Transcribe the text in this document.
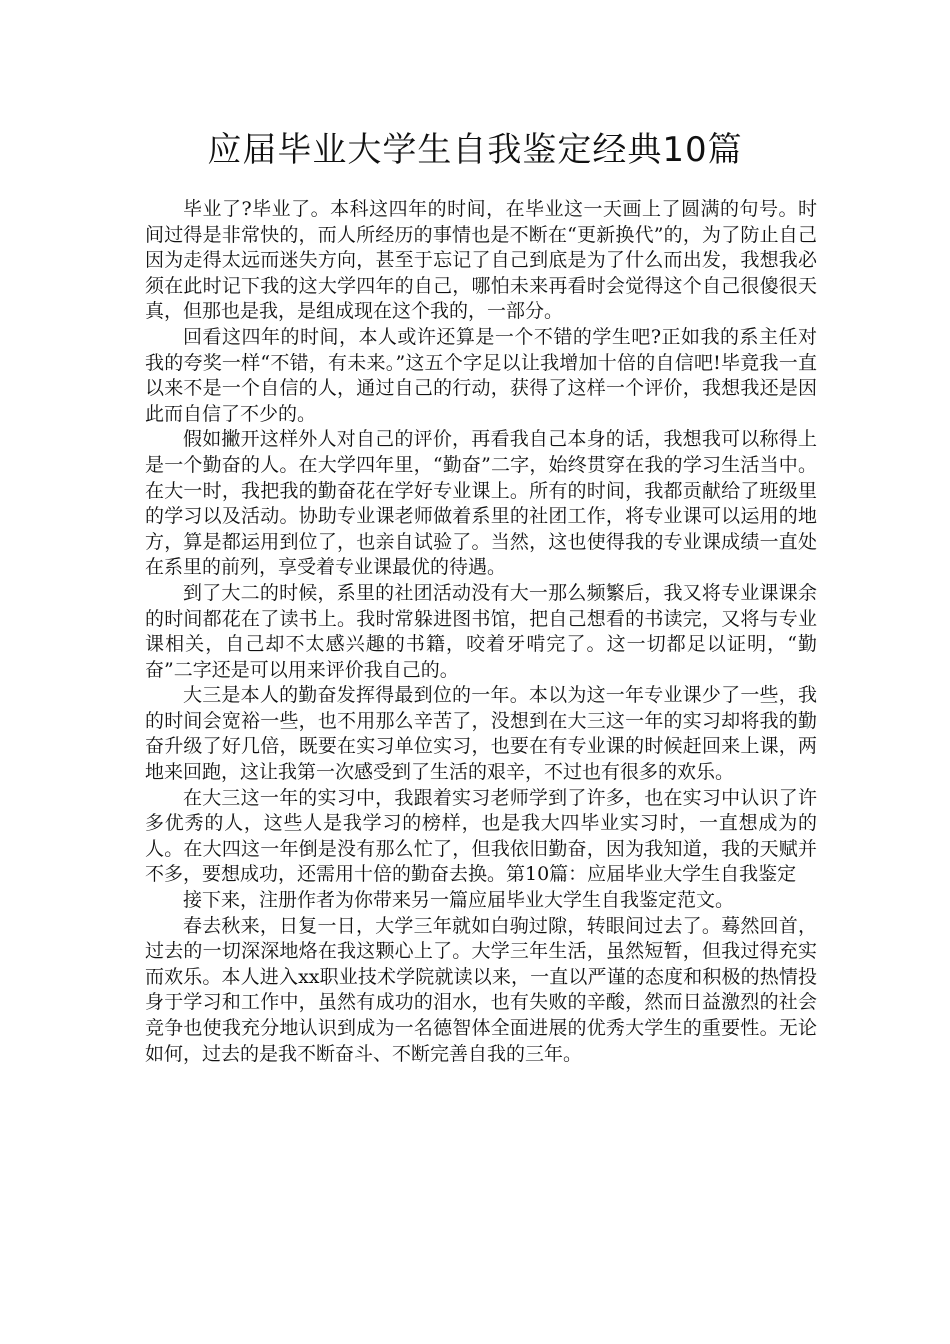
应届毕业大学生自我鉴定经典10篇

毕业了?毕业了。本科这四年的时间，在毕业这一天画上了圆满的句号。时间过得是非常快的，而人所经历的事情也是不断在“更新换代”的，为了防止自己因为走得太远而迷失方向，甚至于忘记了自己到底是为了什么而出发，我想我必须在此时记下我的这大学四年的自己，哪怕未来再看时会觉得这个自己很傻很天真，但那也是我，是组成现在这个我的，一部分。

回看这四年的时间，本人或许还算是一个不错的学生吧?正如我的系主任对我的夸奖一样“不错，有未来。”这五个字足以让我增加十倍的自信吧!毕竟我一直以来不是一个自信的人，通过自己的行动，获得了这样一个评价，我想我还是因此而自信了不少的。

假如撇开这样外人对自己的评价，再看我自己本身的话，我想我可以称得上是一个勤奋的人。在大学四年里，“勤奋”二字，始终贯穿在我的学习生活当中。在大一时，我把我的勤奋花在学好专业课上。所有的时间，我都贡献给了班级里的学习以及活动。协助专业课老师做着系里的社团工作，将专业课可以运用的地方，算是都运用到位了，也亲自试验了。当然，这也使得我的专业课成绩一直处在系里的前列，享受着专业课最优的待遇。

到了大二的时候，系里的社团活动没有大一那么频繁后，我又将专业课课余的时间都花在了读书上。我时常躲进图书馆，把自己想看的书读完，又将与专业课相关，自己却不太感兴趣的书籍，咬着牙啃完了。这一切都足以证明，“勤奋”二字还是可以用来评价我自己的。

大三是本人的勤奋发挥得最到位的一年。本以为这一年专业课少了一些，我的时间会宽裕一些，也不用那么辛苦了，没想到在大三这一年的实习却将我的勤奋升级了好几倍，既要在实习单位实习，也要在有专业课的时候赶回来上课，两地来回跑，这让我第一次感受到了生活的艰辛，不过也有很多的欢乐。

在大三这一年的实习中，我跟着实习老师学到了许多，也在实习中认识了许多优秀的人，这些人是我学习的榜样，也是我大四毕业实习时，一直想成为的人。在大四这一年倒是没有那么忙了，但我依旧勤奋，因为我知道，我的天赋并不多，要想成功，还需用十倍的勤奋去换。第10篇：应届毕业大学生自我鉴定

接下来，注册作者为你带来另一篇应届毕业大学生自我鉴定范文。

春去秋来，日复一日，大学三年就如白驹过隙，转眼间过去了。蓦然回首，过去的一切深深地烙在我这颗心上了。大学三年生活，虽然短暂，但我过得充实而欢乐。本人进入xx职业技术学院就读以来，一直以严谨的态度和积极的热情投身于学习和工作中，虽然有成功的泪水，也有失败的辛酸，然而日益激烈的社会竞争也使我充分地认识到成为一名德智体全面进展的优秀大学生的重要性。无论如何，过去的是我不断奋斗、不断完善自我的三年。
